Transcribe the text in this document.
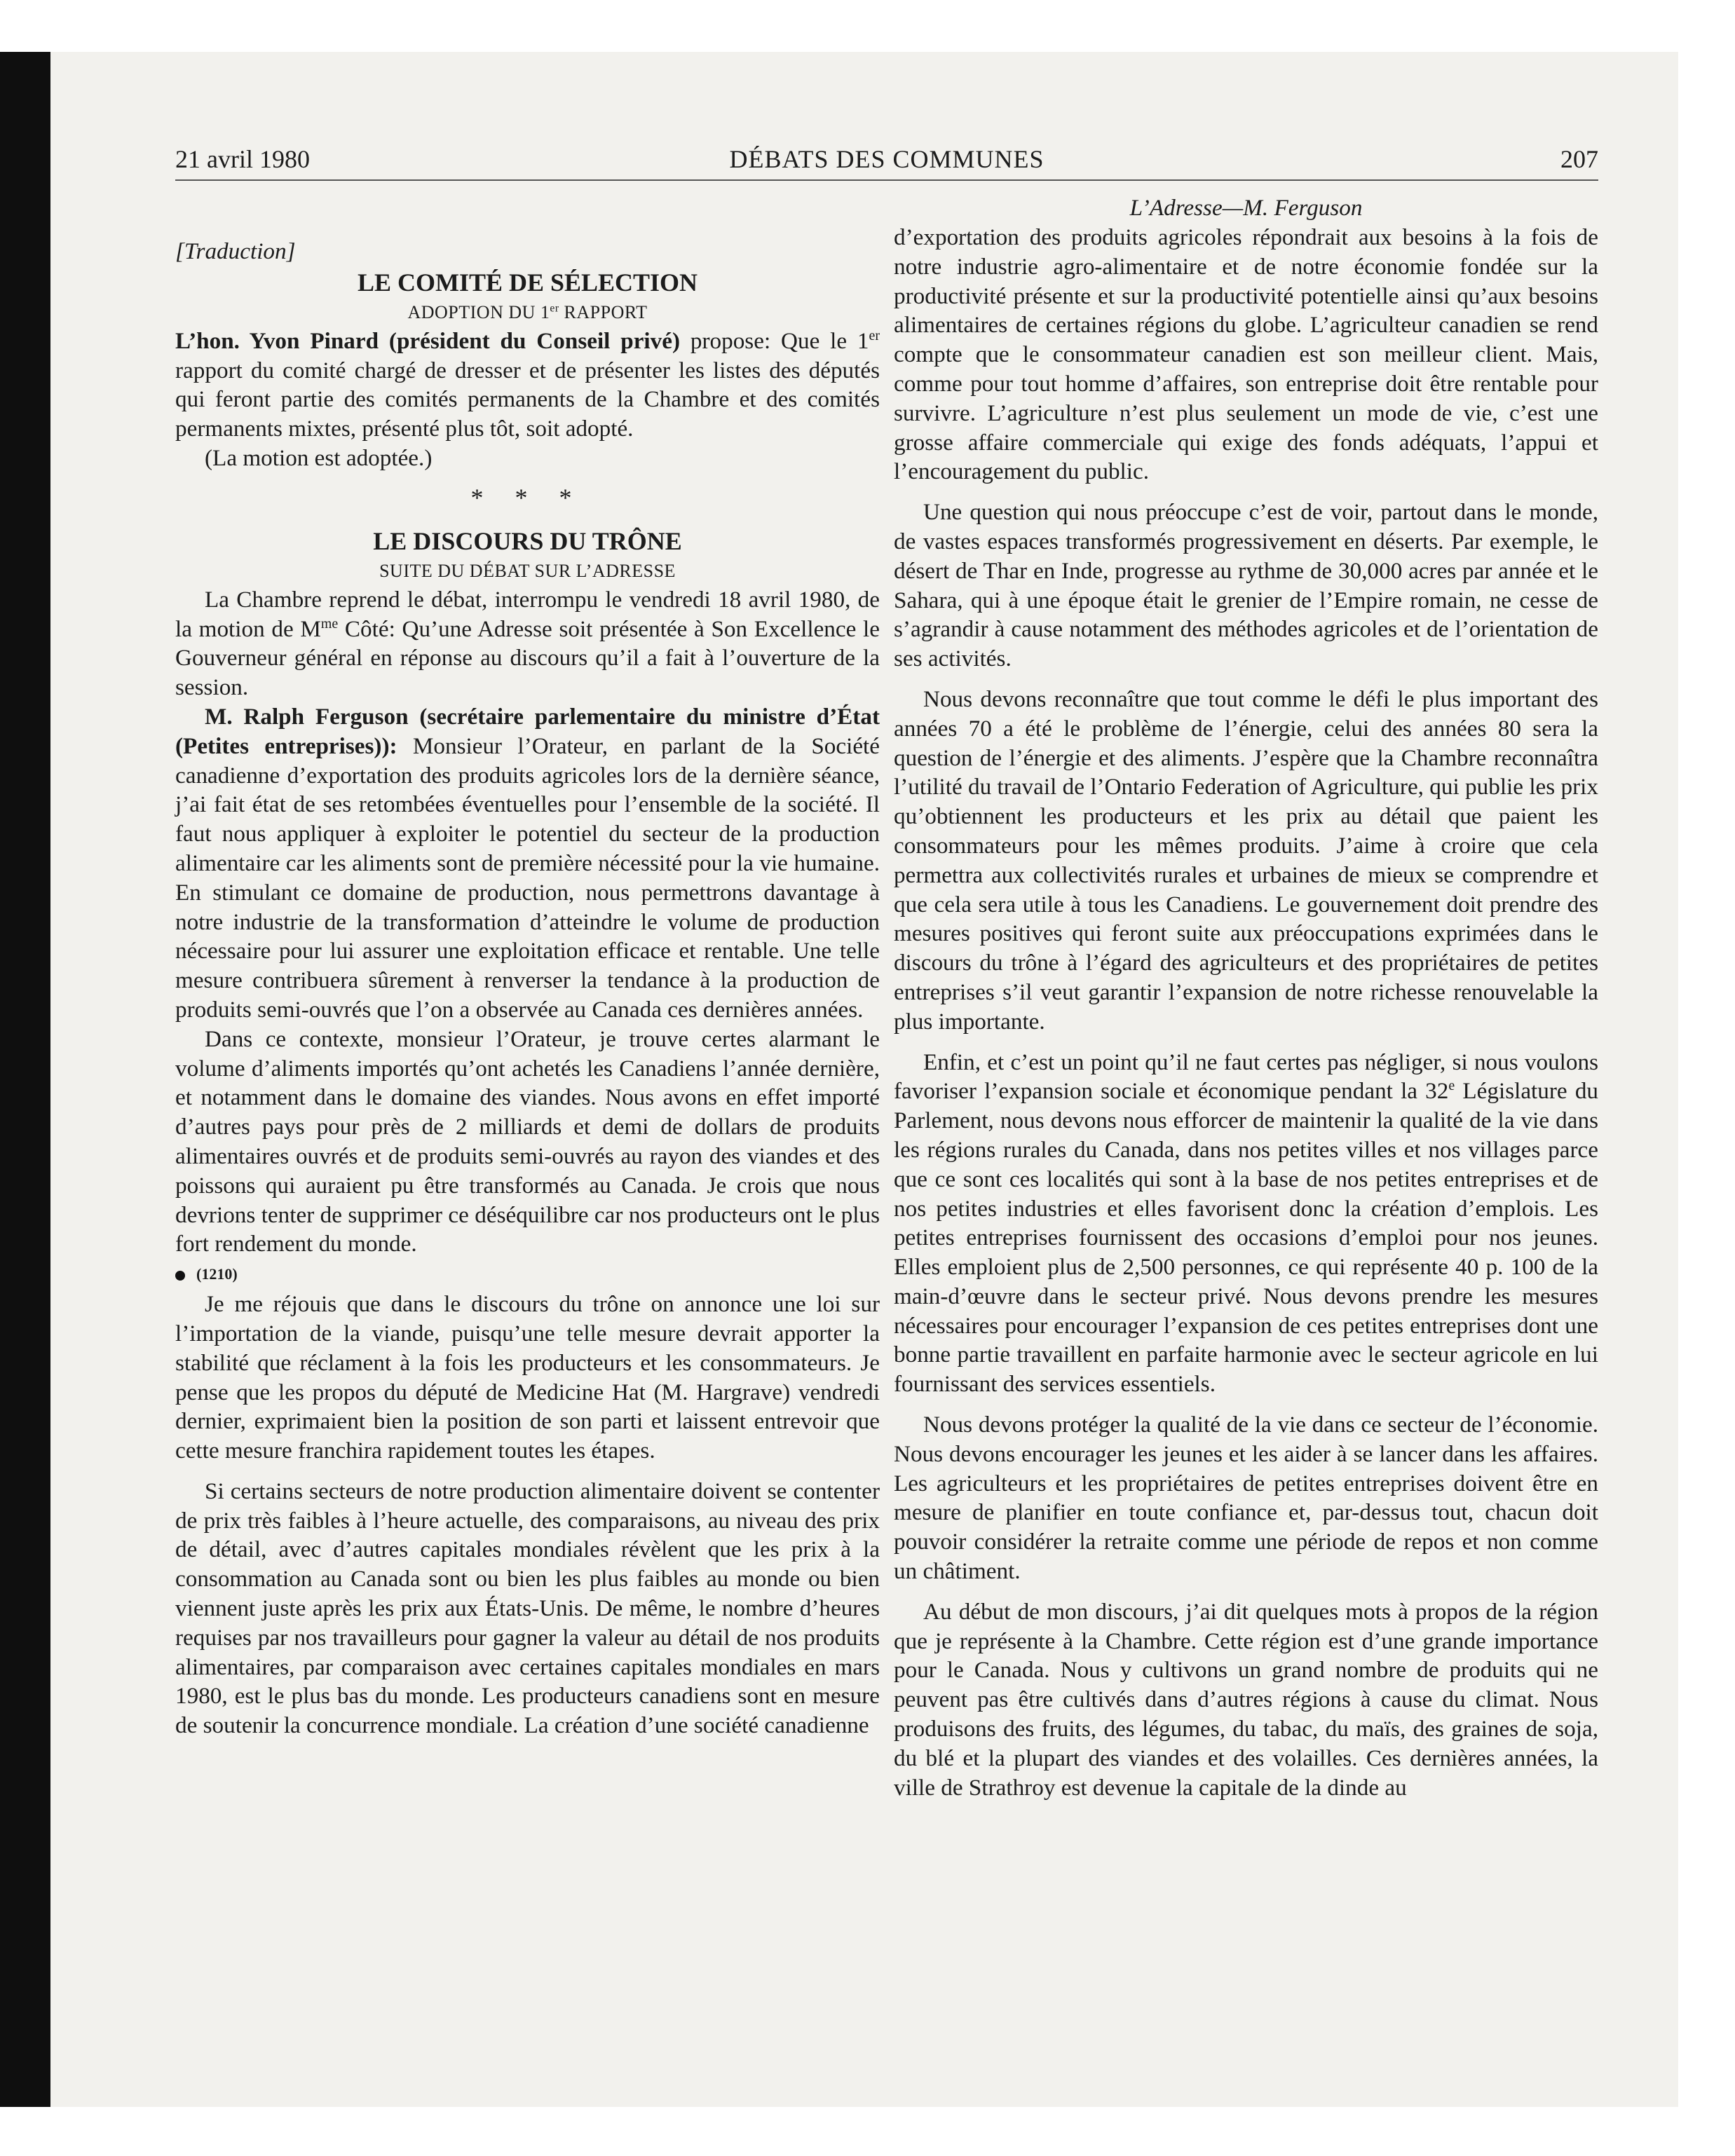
21 avril 1980	DÉBATS DES COMMUNES	207

[Traduction]

LE COMITÉ DE SÉLECTION
ADOPTION DU 1er RAPPORT

L’hon. Yvon Pinard (président du Conseil privé) propose: Que le 1er rapport du comité chargé de dresser et de présenter les listes des députés qui feront partie des comités permanents de la Chambre et des comités permanents mixtes, présenté plus tôt, soit adopté.

(La motion est adoptée.)

* * *
LE DISCOURS DU TRÔNE
SUITE DU DÉBAT SUR L’ADRESSE

La Chambre reprend le débat, interrompu le vendredi 18 avril 1980, de la motion de $M^{me}$ Côté: Qu’une Adresse soit présentée à Son Excellence le Gouverneur général en réponse au discours qu’il a fait à l’ouverture de la session.

M. Ralph Ferguson (secrétaire parlementaire du ministre d’État (Petites entreprises)): Monsieur l’Orateur, en parlant de la Société canadienne d’exportation des produits agricoles lors de la dernière séance, j’ai fait état de ses retombées éventuelles pour l’ensemble de la société. Il faut nous appliquer à exploiter le potentiel du secteur de la production alimentaire car les aliments sont de première nécessité pour la vie humaine. En stimulant ce domaine de production, nous permettrons davantage à notre industrie de la transformation d’atteindre le volume de production nécessaire pour lui assurer une exploitation efficace et rentable. Une telle mesure contribuera sûrement à renverser la tendance à la production de produits semi-ouvrés que l’on a observée au Canada ces dernières années.

Dans ce contexte, monsieur l’Orateur, je trouve certes alarmant le volume d’aliments importés qu’ont achetés les Canadiens l’année dernière, et notamment dans le domaine des viandes. Nous avons en effet importé d’autres pays pour près de 2 milliards et demi de dollars de produits alimentaires ouvrés et de produits semi-ouvrés au rayon des viandes et des poissons qui auraient pu être transformés au Canada. Je crois que nous devrions tenter de supprimer ce déséquilibre car nos producteurs ont le plus fort rendement du monde.

(1210)

Je me réjouis que dans le discours du trône on annonce une loi sur l’importation de la viande, puisqu’une telle mesure devrait apporter la stabilité que réclament à la fois les producteurs et les consommateurs. Je pense que les propos du député de Medicine Hat (M. Hargrave) vendredi dernier, exprimaient bien la position de son parti et laissent entrevoir que cette mesure franchira rapidement toutes les étapes.

Si certains secteurs de notre production alimentaire doivent se contenter de prix très faibles à l’heure actuelle, des comparaisons, au niveau des prix de détail, avec d’autres capitales mondiales révèlent que les prix à la consommation au Canada sont ou bien les plus faibles au monde ou bien viennent juste après les prix aux États-Unis. De même, le nombre d’heures requises par nos travailleurs pour gagner la valeur au détail de nos produits alimentaires, par comparaison avec certaines capitales mondiales en mars 1980, est le plus bas du monde. Les producteurs canadiens sont en mesure de soutenir la concurrence mondiale. La création d’une société canadienne

L’Adresse—M. Ferguson

d’exportation des produits agricoles répondrait aux besoins à la fois de notre industrie agro-alimentaire et de notre économie fondée sur la productivité présente et sur la productivité potentielle ainsi qu’aux besoins alimentaires de certaines régions du globe. L’agriculteur canadien se rend compte que le consommateur canadien est son meilleur client. Mais, comme pour tout homme d’affaires, son entreprise doit être rentable pour survivre. L’agriculture n’est plus seulement un mode de vie, c’est une grosse affaire commerciale qui exige des fonds adéquats, l’appui et l’encouragement du public.

Une question qui nous préoccupe c’est de voir, partout dans le monde, de vastes espaces transformés progressivement en déserts. Par exemple, le désert de Thar en Inde, progresse au rythme de 30,000 acres par année et le Sahara, qui à une époque était le grenier de l’Empire romain, ne cesse de s’agrandir à cause notamment des méthodes agricoles et de l’orientation de ses activités.

Nous devons reconnaître que tout comme le défi le plus important des années 70 a été le problème de l’énergie, celui des années 80 sera la question de l’énergie et des aliments. J’espère que la Chambre reconnaîtra l’utilité du travail de l’Ontario Federation of Agriculture, qui publie les prix qu’obtiennent les producteurs et les prix au détail que paient les consommateurs pour les mêmes produits. J’aime à croire que cela permettra aux collectivités rurales et urbaines de mieux se comprendre et que cela sera utile à tous les Canadiens. Le gouvernement doit prendre des mesures positives qui feront suite aux préoccupations exprimées dans le discours du trône à l’égard des agriculteurs et des propriétaires de petites entreprises s’il veut garantir l’expansion de notre richesse renouvelable la plus importante.

Enfin, et c’est un point qu’il ne faut certes pas négliger, si nous voulons favoriser l’expansion sociale et économique pendant la 32e Législature du Parlement, nous devons nous efforcer de maintenir la qualité de la vie dans les régions rurales du Canada, dans nos petites villes et nos villages parce que ce sont ces localités qui sont à la base de nos petites entreprises et de nos petites industries et elles favorisent donc la création d’emplois. Les petites entreprises fournissent des occasions d’emploi pour nos jeunes. Elles emploient plus de 2,500 personnes, ce qui représente 40 p. 100 de la main-d’œuvre dans le secteur privé. Nous devons prendre les mesures nécessaires pour encourager l’expansion de ces petites entreprises dont une bonne partie travaillent en parfaite harmonie avec le secteur agricole en lui fournissant des services essentiels.

Nous devons protéger la qualité de la vie dans ce secteur de l’économie. Nous devons encourager les jeunes et les aider à se lancer dans les affaires. Les agriculteurs et les propriétaires de petites entreprises doivent être en mesure de planifier en toute confiance et, par-dessus tout, chacun doit pouvoir considérer la retraite comme une période de repos et non comme un châtiment.

Au début de mon discours, j’ai dit quelques mots à propos de la région que je représente à la Chambre. Cette région est d’une grande importance pour le Canada. Nous y cultivons un grand nombre de produits qui ne peuvent pas être cultivés dans d’autres régions à cause du climat. Nous produisons des fruits, des légumes, du tabac, du maïs, des graines de soja, du blé et la plupart des viandes et des volailles. Ces dernières années, la ville de Strathroy est devenue la capitale de la dinde au
